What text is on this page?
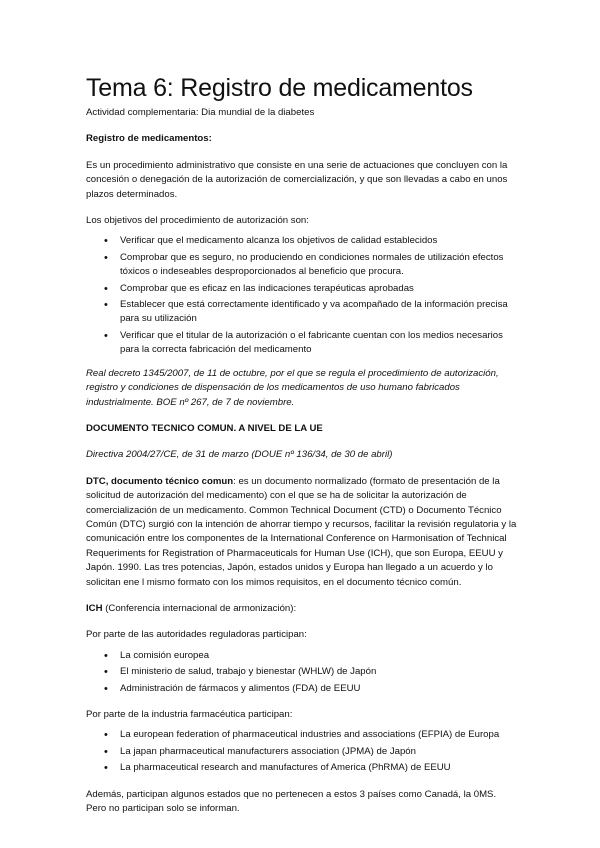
Tema 6: Registro de medicamentos

Actividad complementaria: Dia mundial de la diabetes

Registro de medicamentos:

Es un procedimiento administrativo que consiste en una serie de actuaciones que concluyen con la concesión o denegación de la autorización de comercialización, y que son llevadas a cabo en unos plazos determinados.

Los objetivos del procedimiento de autorización son:

• Verificar que el medicamento alcanza los objetivos de calidad establecidos
• Comprobar que es seguro, no produciendo en condiciones normales de utilización efectos tóxicos o indeseables desproporcionados al beneficio que procura.
• Comprobar que es eficaz en las indicaciones terapéuticas aprobadas
• Establecer que está correctamente identificado y va acompañado de la información precisa para su utilización
• Verificar que el titular de la autorización o el fabricante cuentan con los medios necesarios para la correcta fabricación del medicamento

Real decreto 1345/2007, de 11 de octubre, por el que se regula el procedimiento de autorización, registro y condiciones de dispensación de los medicamentos de uso humano fabricados industrialmente. BOE nº 267, de 7 de noviembre.

DOCUMENTO TECNICO COMUN. A NIVEL DE LA UE

Directiva 2004/27/CE, de 31 de marzo (DOUE nº 136/34, de 30 de abril)

DTC, documento técnico comun: es un documento normalizado (formato de presentación de la solicitud de autorización del medicamento) con el que se ha de solicitar la autorización de comercialización de un medicamento. Common Technical Document (CTD) o Documento Técnico Común (DTC) surgió con la intención de ahorrar tiempo y recursos, facilitar la revisión regulatoria y la comunicación entre los componentes de la International Conference on Harmonisation of Technical Requeriments for Registration of Pharmaceuticals for Human Use (ICH), que son Europa, EEUU y Japón. 1990. Las tres potencias, Japón, estados unidos y Europa han llegado a un acuerdo y lo solicitan ene l mismo formato con los mimos requisitos, en el documento técnico común.

ICH (Conferencia internacional de armonización):

Por parte de las autoridades reguladoras participan:

• La comisión europea
• El ministerio de salud, trabajo y bienestar (WHLW) de Japón
• Administración de fármacos y alimentos (FDA) de EEUU

Por parte de la industria farmacéutica participan:

• La european federation of pharmaceutical industries and associations (EFPIA) de Europa
• La japan pharmaceutical manufacturers association (JPMA) de Japón
• La pharmaceutical research and manufactures of America (PhRMA) de EEUU

Además, participan algunos estados que no pertenecen a estos 3 países como Canadá, la 0MS. Pero no participan solo se informan.
